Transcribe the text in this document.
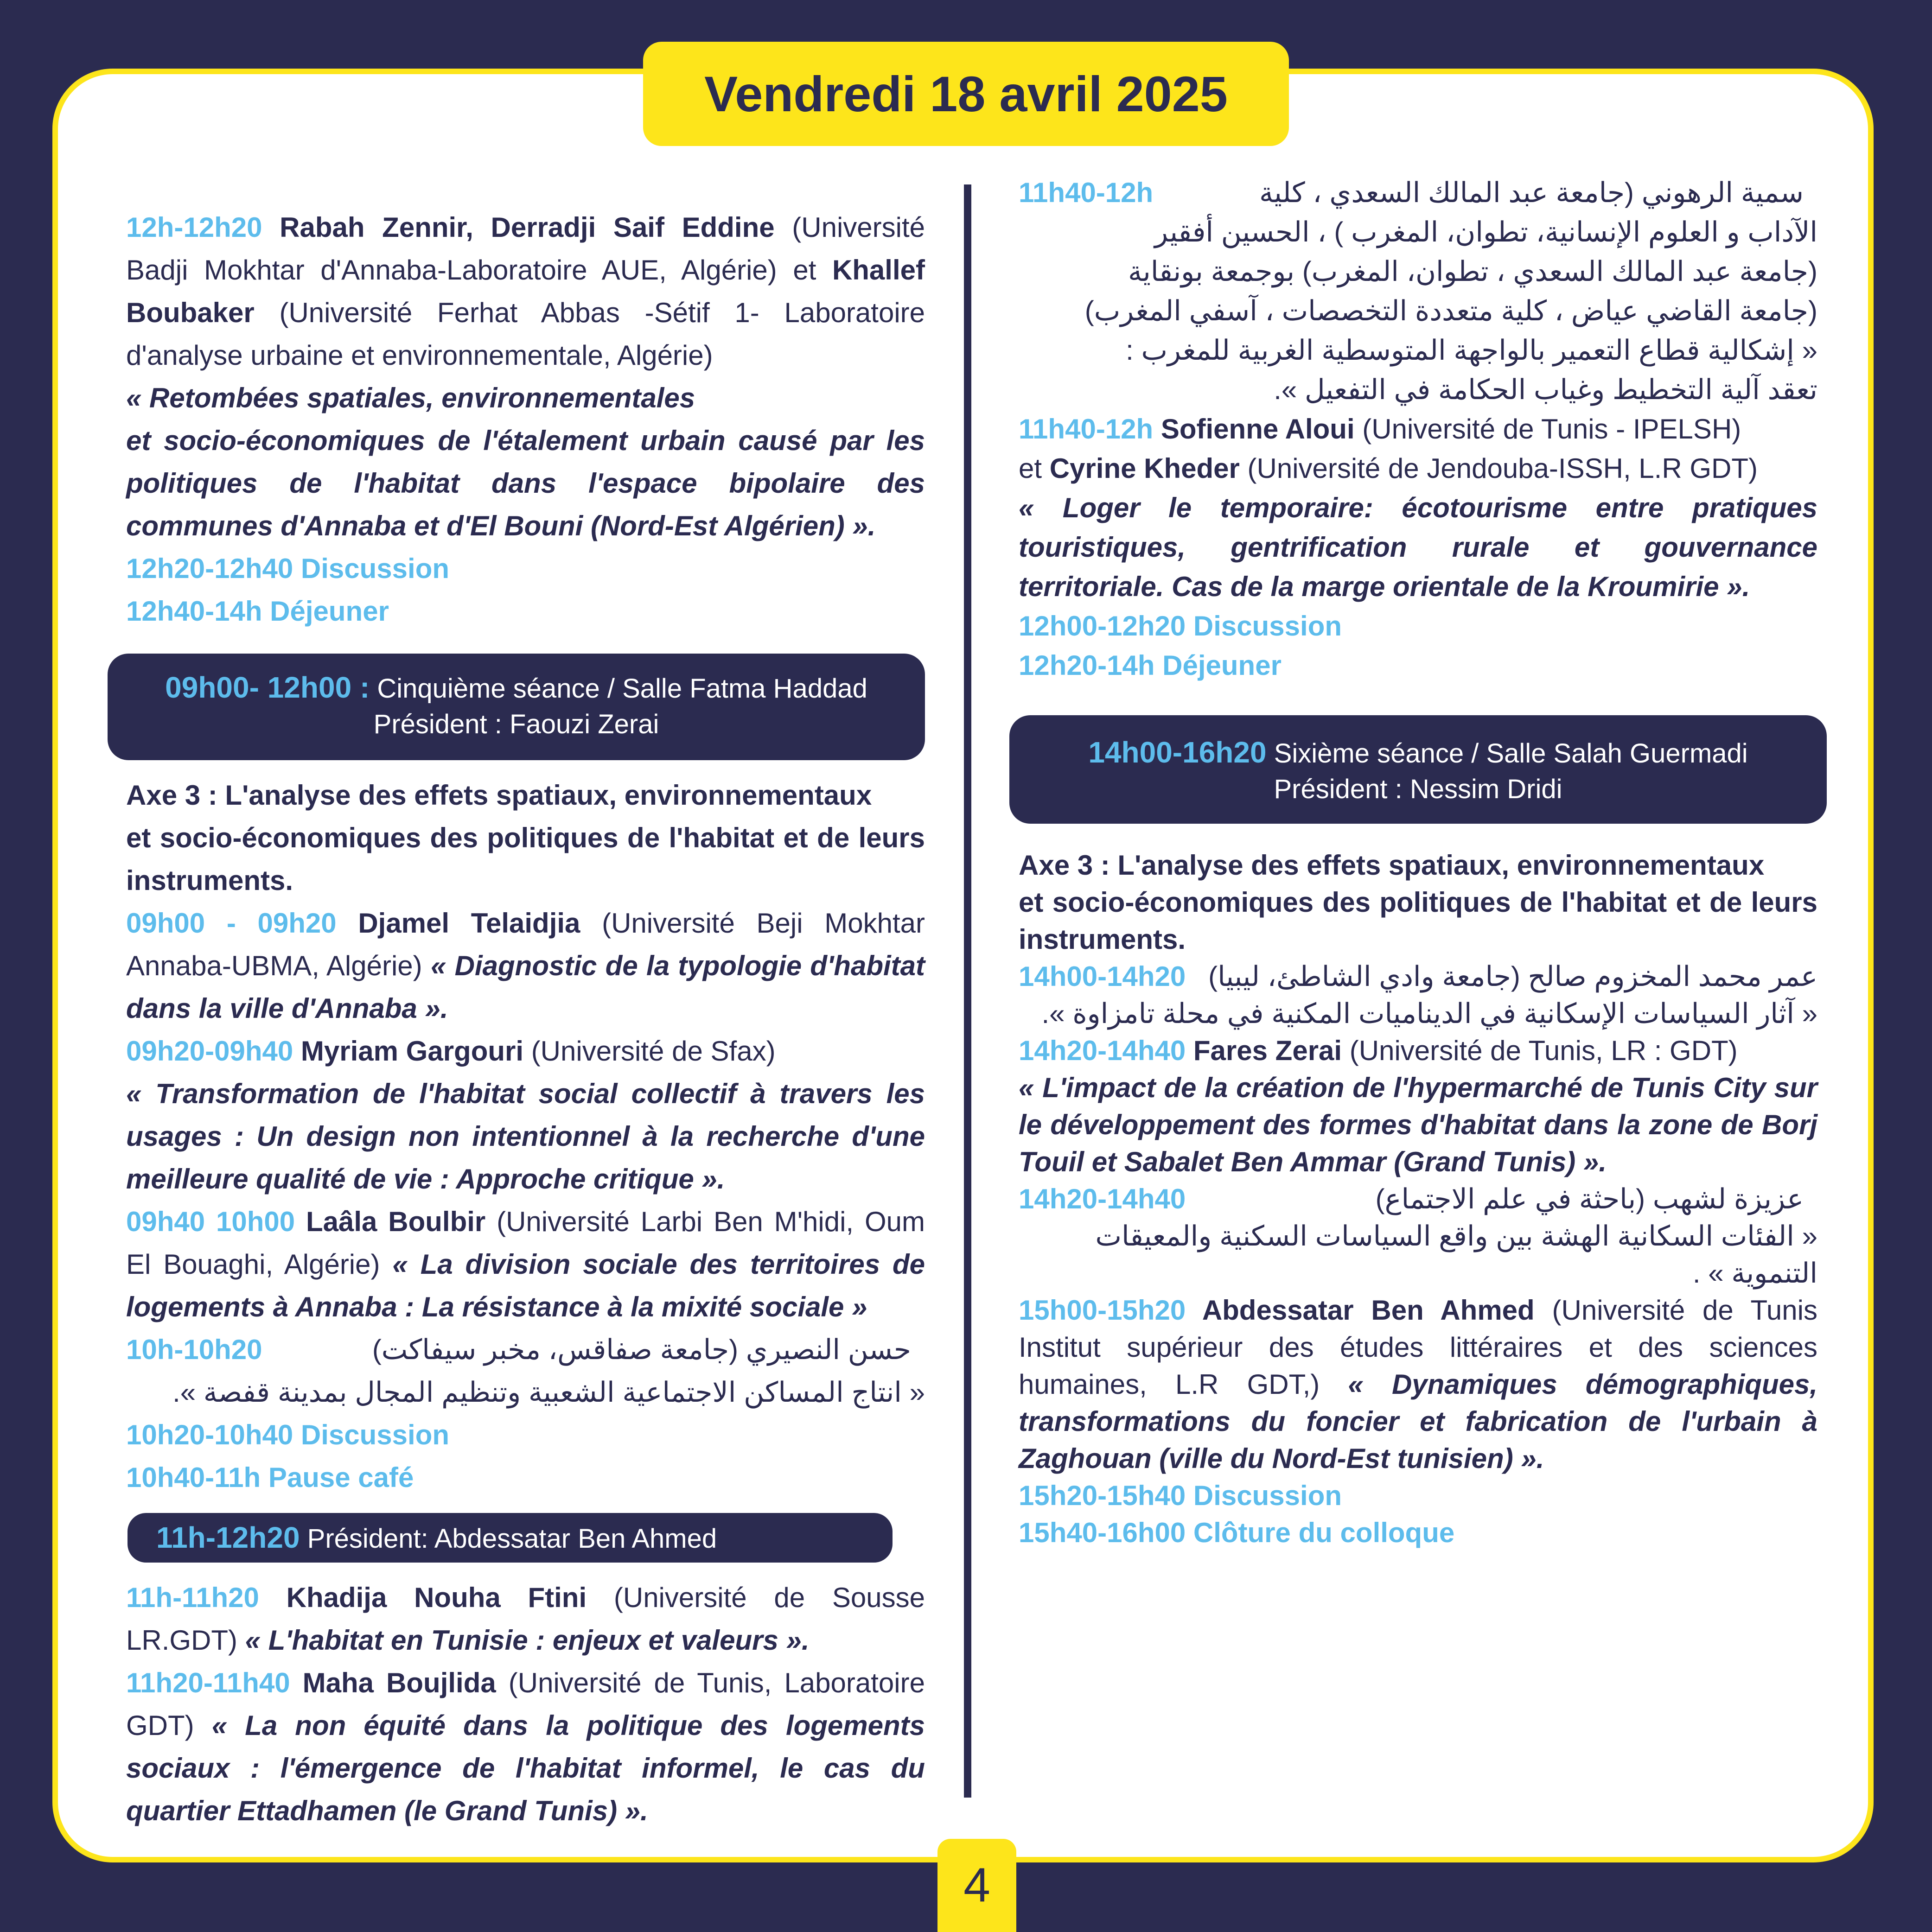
Vendredi 18 avril 2025

12h-12h20 Rabah Zennir, Derradji Saif Eddine (Université Badji Mokhtar d'Annaba-Laboratoire AUE, Algérie) et Khallef Boubaker (Université Ferhat Abbas -Sétif 1- Laboratoire d'analyse urbaine et environnementale, Algérie)
« Retombées spatiales, environnementales
et socio-économiques de l'étalement urbain causé par les politiques de l'habitat dans l'espace bipolaire des communes d'Annaba et d'El Bouni (Nord-Est Algérien) ».

12h20-12h40 Discussion
12h40-14h Déjeuner
09h00- 12h00 : Cinquième séance / Salle Fatma Haddad
Président : Faouzi Zerai

Axe 3 : L'analyse des effets spatiaux, environnementaux
et socio-économiques des politiques de l'habitat et de leurs instruments.

09h00 - 09h20 Djamel Telaidjia (Université Beji Mokhtar Annaba-UBMA, Algérie) « Diagnostic de la typologie d'habitat dans la ville d'Annaba ».

09h20-09h40 Myriam Gargouri (Université de Sfax)
« Transformation de l'habitat social collectif à travers les usages : Un design non intentionnel à la recherche d'une meilleure qualité de vie : Approche critique ».

09h40 10h00 Laâla Boulbir (Université Larbi Ben M'hidi, Oum El Bouaghi, Algérie) « La division sociale des territoires de logements à Annaba : La résistance à la mixité sociale »

10h-10h20	حسن النصيري (جامعة صفاقس، مخبر سيفاكت)
« انتاج المساكن الاجتماعية الشعبية وتنظيم المجال بمدينة قفصة ».
10h20-10h40 Discussion
10h40-11h Pause café
11h-12h20 Président: Abdessatar Ben Ahmed

11h-11h20 Khadija Nouha Ftini (Université de Sousse LR.GDT) « L'habitat en Tunisie : enjeux et valeurs ».

11h20-11h40 Maha Boujlida (Université de Tunis, Laboratoire GDT) « La non équité dans la politique des logements sociaux : l'émergence de l'habitat informel, le cas du quartier Ettadhamen (le Grand Tunis) ».

11h40-12h	سمية الرهوني (جامعة عبد المالك السعدي ، كلية
الآداب و العلوم الإنسانية، تطوان، المغرب ) ، الحسين أفقير
(جامعة عبد المالك السعدي ، تطوان، المغرب) بوجمعة بونقاية
(جامعة القاضي عياض ، كلية متعددة التخصصات ، آسفي المغرب)
« إشكالية قطاع التعمير بالواجهة المتوسطية الغربية للمغرب :
تعقد آلية التخطيط وغياب الحكامة في التفعيل ».

11h40-12h Sofienne Aloui (Université de Tunis - IPELSH)
et Cyrine Kheder (Université de Jendouba-ISSH, L.R GDT)
« Loger le temporaire: écotourisme entre pratiques touristiques, gentrification rurale et gouvernance territoriale. Cas de la marge orientale de la Kroumirie ».

12h00-12h20 Discussion
12h20-14h Déjeuner
14h00-16h20 Sixième séance / Salle Salah Guermadi
Président : Nessim Dridi

Axe 3 : L'analyse des effets spatiaux, environnementaux
et socio-économiques des politiques de l'habitat et de leurs instruments.

14h00-14h20 عمر محمد المخزوم صالح (جامعة وادي الشاطئ، ليبيا)
« آثار السياسات الإسكانية في الديناميات المكنية في محلة تامزاوة ».

14h20-14h40 Fares Zerai (Université de Tunis, LR : GDT)
« L'impact de la création de l'hypermarché de Tunis City sur le développement des formes d'habitat dans la zone de Borj Touil et Sabalet Ben Ammar (Grand Tunis) ».

14h20-14h40	عزيزة لشهب (باحثة في علم الاجتماع)
« الفئات السكانية الهشة بين واقع السياسات السكنية والمعيقات التنموية » .

15h00-15h20 Abdessatar Ben Ahmed (Université de Tunis Institut supérieur des études littéraires et des sciences humaines, L.R GDT,) « Dynamiques démographiques, transformations du foncier et fabrication de l'urbain à Zaghouan (ville du Nord-Est tunisien) ».

15h20-15h40 Discussion
15h40-16h00 Clôture du colloque
4
